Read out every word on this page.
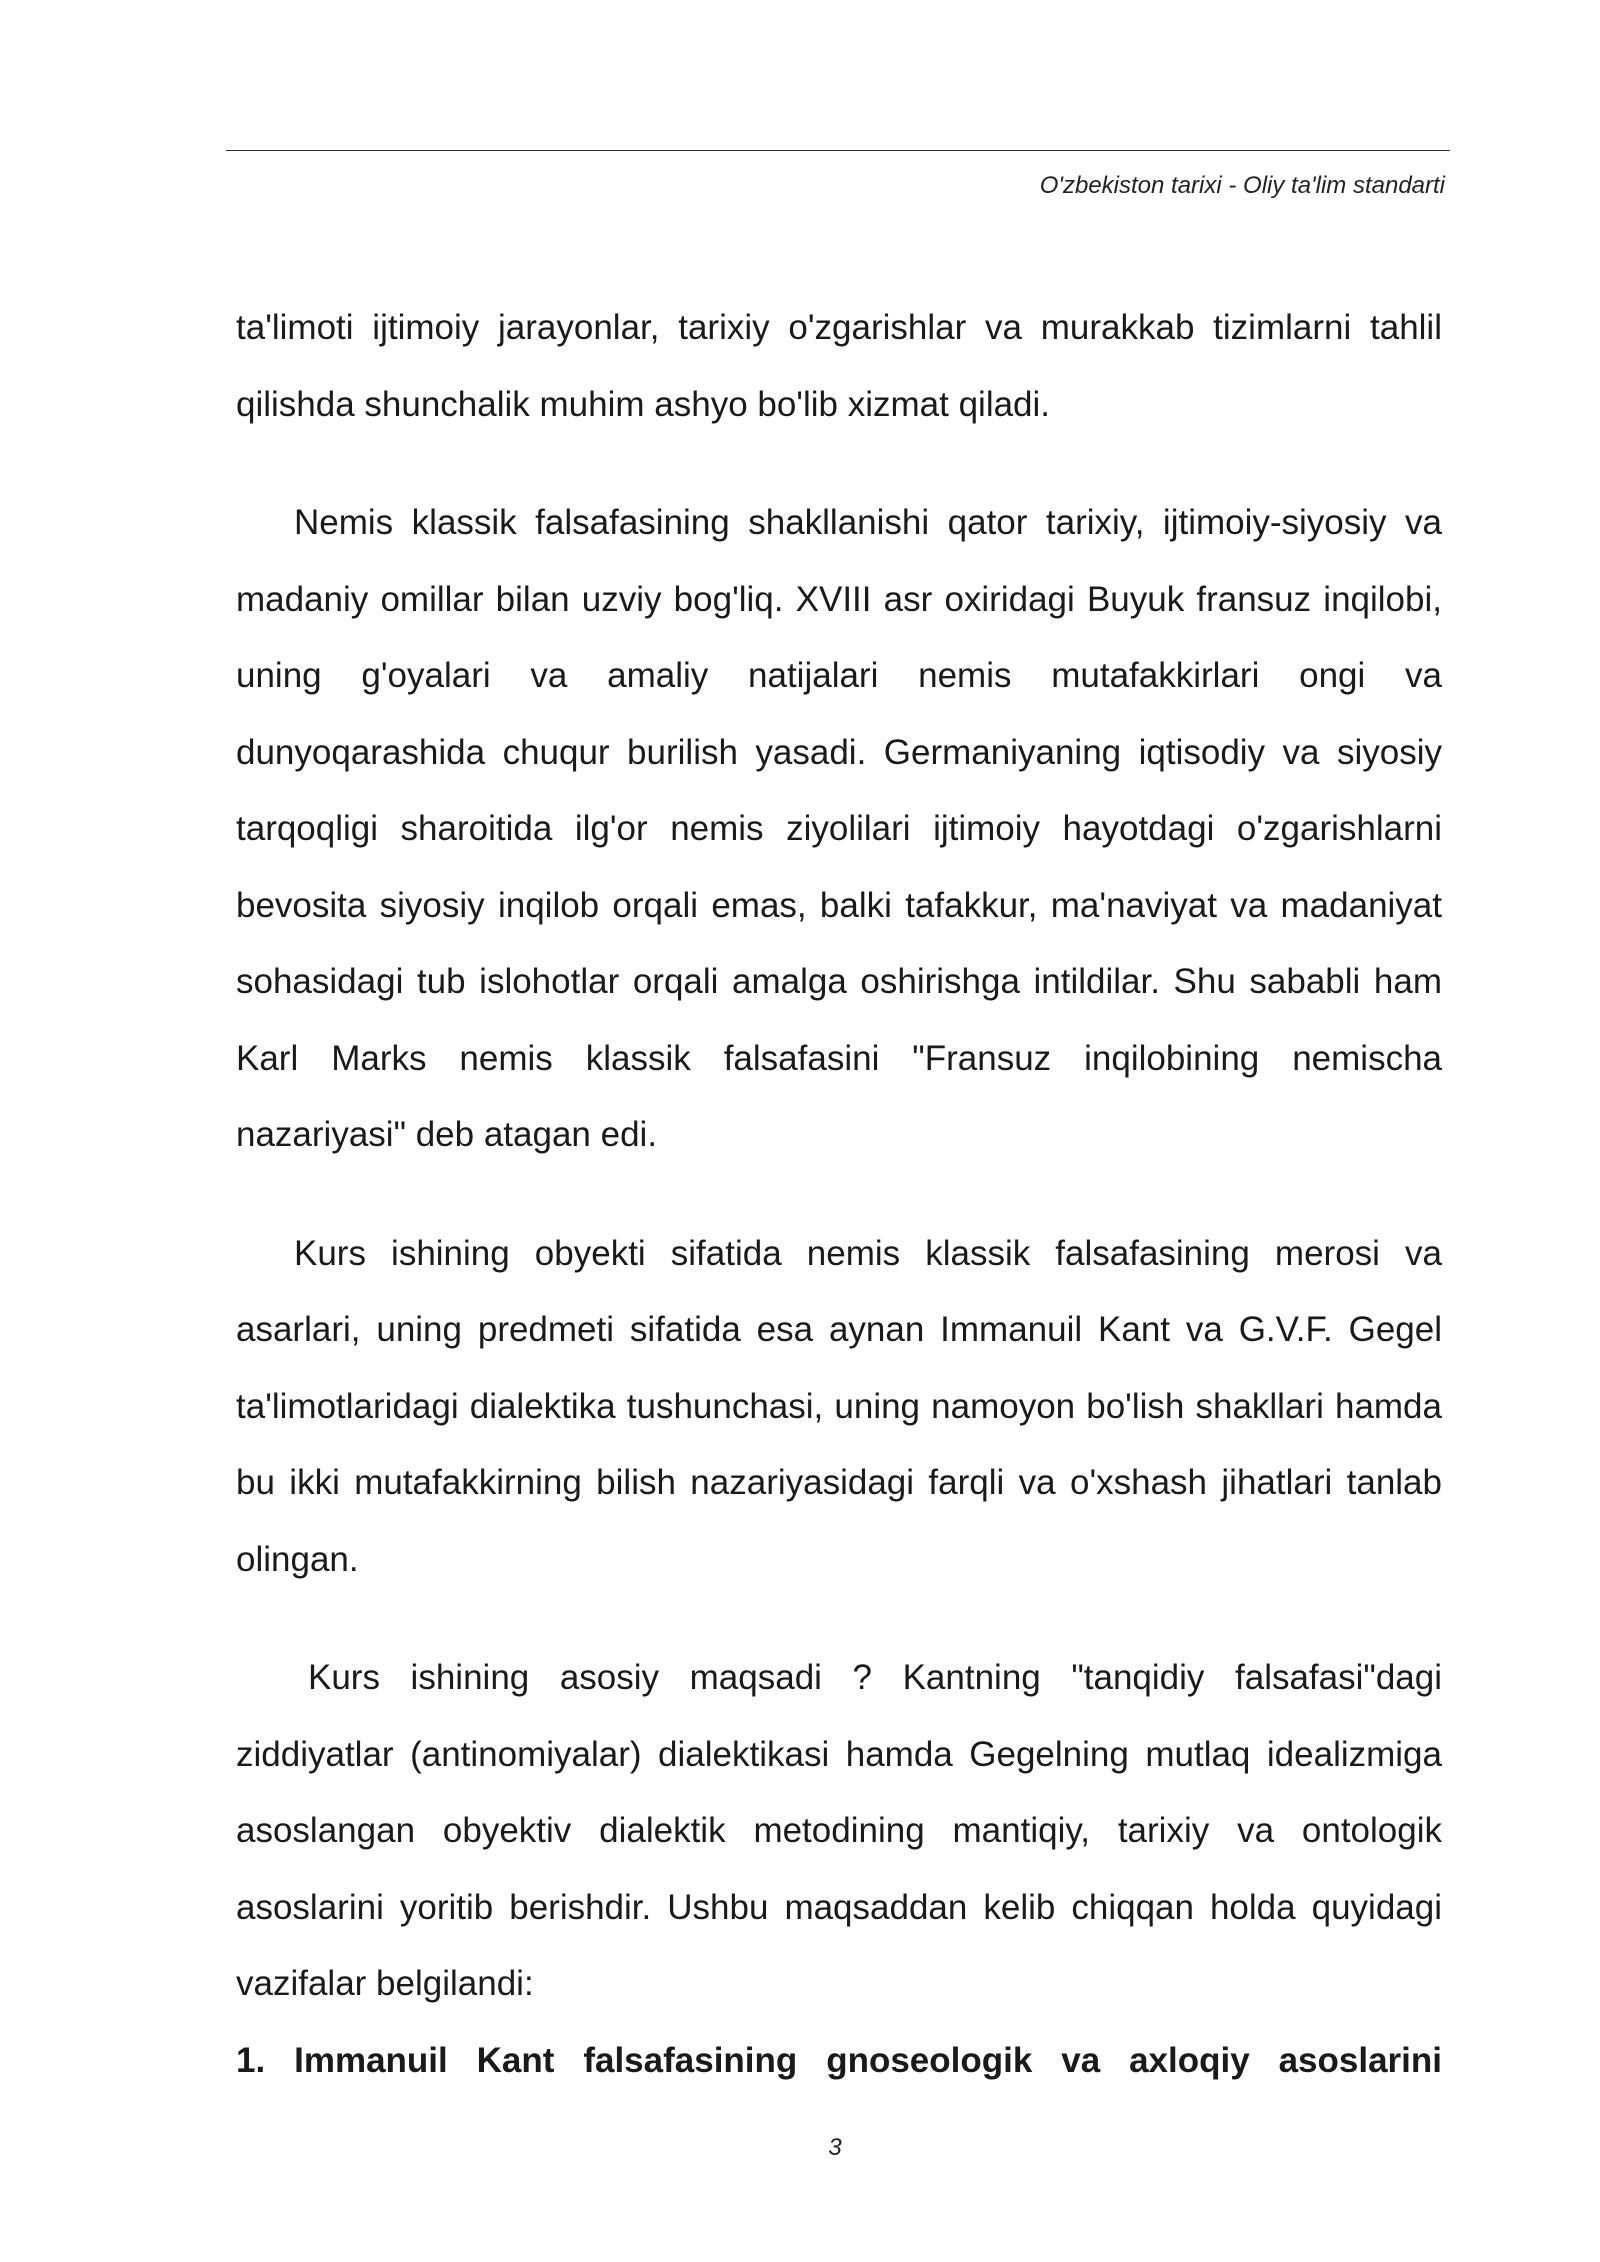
O'zbekiston tarixi - Oliy ta'lim standarti

ta'limoti ijtimoiy jarayonlar, tarixiy o'zgarishlar va murakkab tizimlarni tahlil qilishda shunchalik muhim ashyo bo'lib xizmat qiladi.

Nemis klassik falsafasining shakllanishi qator tarixiy, ijtimoiy-siyosiy va madaniy omillar bilan uzviy bog'liq. XVIII asr oxiridagi Buyuk fransuz inqilobi, uning g'oyalari va amaliy natijalari nemis mutafakkirlari ongi va dunyoqarashida chuqur burilish yasadi. Germaniyaning iqtisodiy va siyosiy tarqoqligi sharoitida ilg'or nemis ziyolilari ijtimoiy hayotdagi o'zgarishlarni bevosita siyosiy inqilob orqali emas, balki tafakkur, ma'naviyat va madaniyat sohasidagi tub islohotlar orqali amalga oshirishga intildilar. Shu sababli ham Karl Marks nemis klassik falsafasini "Fransuz inqilobining nemischa nazariyasi" deb atagan edi.

Kurs ishining obyekti sifatida nemis klassik falsafasining merosi va asarlari, uning predmeti sifatida esa aynan Immanuil Kant va G.V.F. Gegel ta'limotlaridagi dialektika tushunchasi, uning namoyon bo'lish shakllari hamda bu ikki mutafakkirning bilish nazariyasidagi farqli va o'xshash jihatlari tanlab olingan.

Kurs ishining asosiy maqsadi ? Kantning "tanqidiy falsafasi"dagi ziddiyatlar (antinomiyalar) dialektikasi hamda Gegelning mutlaq idealizmiga asoslangan obyektiv dialektik metodining mantiqiy, tarixiy va ontologik asoslarini yoritib berishdir. Ushbu maqsaddan kelib chiqqan holda quyidagi vazifalar belgilandi:

1. Immanuil Kant falsafasining gnoseologik va axloqiy asoslarini

3
